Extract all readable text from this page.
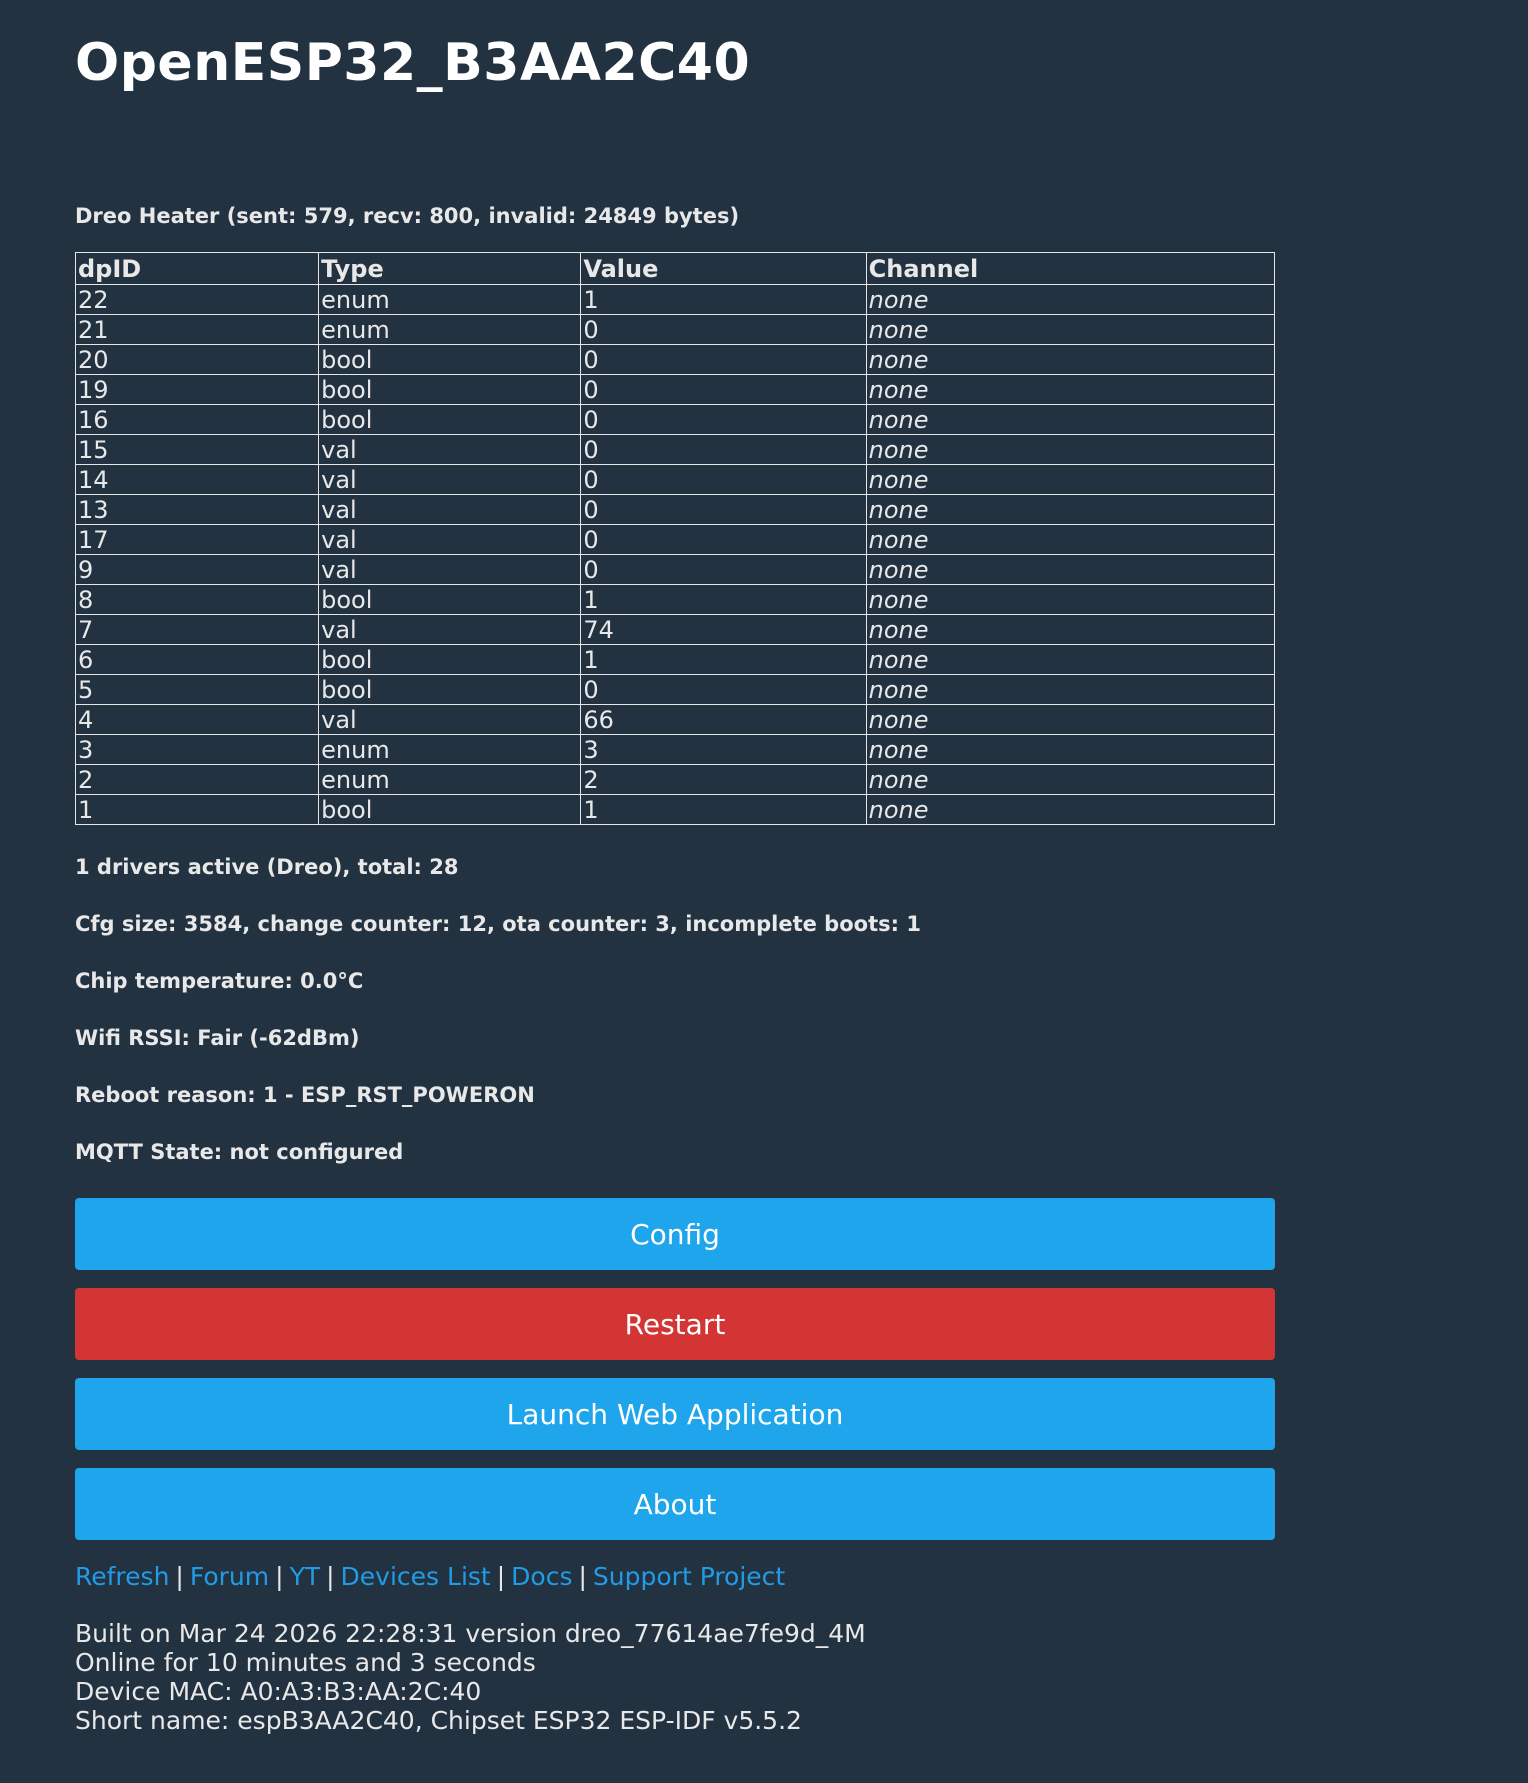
OpenESP32_B3AA2C40
Dreo Heater (sent: 579, recv: 800, invalid: 24849 bytes)
dpID	Type	Value	Channel
22	enum	1	none
21	enum	0	none
20	bool	0	none
19	bool	0	none
16	bool	0	none
15	val	0	none
14	val	0	none
13	val	0	none
17	val	0	none
9	val	0	none
8	bool	1	none
7	val	74	none
6	bool	1	none
5	bool	0	none
4	val	66	none
3	enum	3	none
2	enum	2	none
1	bool	1	none
1 drivers active (Dreo), total: 28
Cfg size: 3584, change counter: 12, ota counter: 3, incomplete boots: 1
Chip temperature: 0.0°C
Wifi RSSI: Fair (-62dBm)
Reboot reason: 1 - ESP_RST_POWERON
MQTT State: not configured
Config
Restart
Launch Web Application
About
Refresh | Forum | YT | Devices List | Docs | Support Project
Built on Mar 24 2026 22:28:31 version dreo_77614ae7fe9d_4M
Online for 10 minutes and 3 seconds
Device MAC: A0:A3:B3:AA:2C:40
Short name: espB3AA2C40, Chipset ESP32 ESP-IDF v5.5.2
